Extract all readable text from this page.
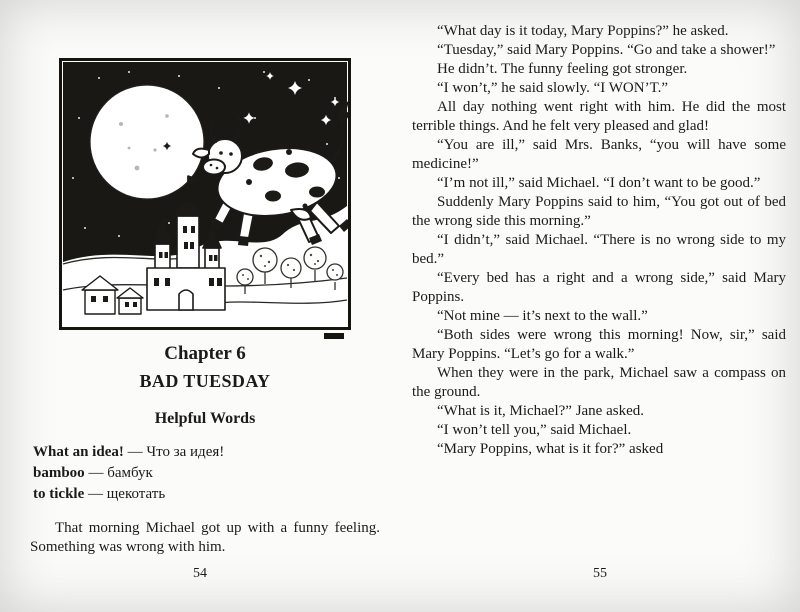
Chapter 6
BAD TUESDAY
Helpful Words

What an idea! — Что за идея!

bamboo — бамбук

to tickle — щекотать

That morning Michael got up with a funny feeling. Something was wrong with him.

54

“What day is it today, Mary Poppins?” he asked.

“Tuesday,” said Mary Poppins. “Go and take a shower!”

He didn’t. The funny feeling got stronger.

“I won’t,” he said slowly. “I WON’T.”

All day nothing went right with him. He did the most terrible things. And he felt very pleased and glad!

“You are ill,” said Mrs. Banks, “you will have some medicine!”

“I’m not ill,” said Michael. “I don’t want to be good.”

Suddenly Mary Poppins said to him, “You got out of bed the wrong side this morning.”

“I didn’t,” said Michael. “There is no wrong side to my bed.”

“Every bed has a right and a wrong side,” said Mary Poppins.

“Not mine — it’s next to the wall.”

“Both sides were wrong this morning! Now, sir,” said Mary Poppins. “Let’s go for a walk.”

When they were in the park, Michael saw a compass on the ground.

“What is it, Michael?” Jane asked.

“I won’t tell you,” said Michael.

“Mary Poppins, what is it for?” asked

55
